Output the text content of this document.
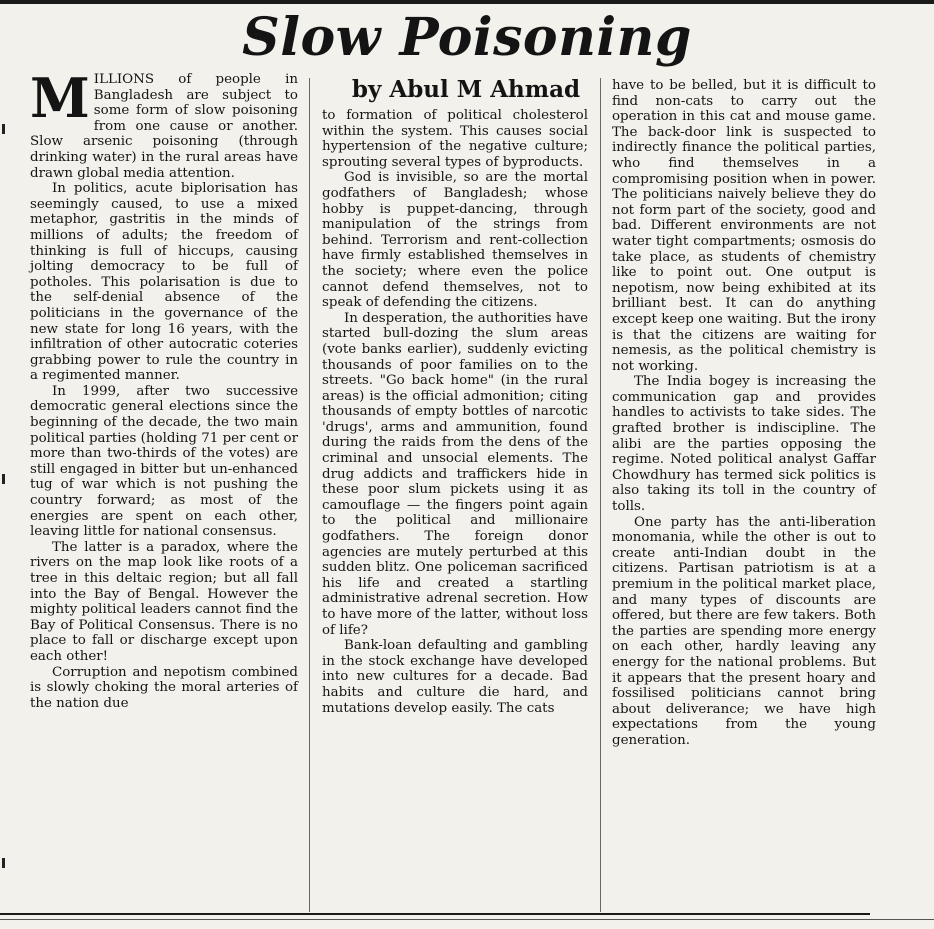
Slow Poisoning
by Abul M Ahmad

MILLIONS of people in Bangladesh are subject to some form of slow poisoning from one cause or another. Slow arsenic poisoning (through drinking water) in the rural areas have drawn global media attention.

In politics, acute biplorisation has seemingly caused, to use a mixed metaphor, gastritis in the minds of millions of adults; the freedom of thinking is full of hiccups, causing jolting democracy to be full of potholes. This polarisation is due to the self-denial absence of the politicians in the governance of the new state for long 16 years, with the infiltration of other autocratic coteries grabbing power to rule the country in a regimented manner.

In 1999, after two successive democratic general elections since the beginning of the decade, the two main political parties (holding 71 per cent or more than two-thirds of the votes) are still engaged in bitter but un-enhanced tug of war which is not pushing the country forward; as most of the energies are spent on each other, leaving little for national consensus.

The latter is a paradox, where the rivers on the map look like roots of a tree in this deltaic region; but all fall into the Bay of Bengal. However the mighty political leaders cannot find the Bay of Political Consensus. There is no place to fall or discharge except upon each other!

Corruption and nepotism combined is slowly choking the moral arteries of the nation due

to formation of political cholesterol within the system. This causes social hypertension of the negative culture; sprouting several types of byproducts.

God is invisible, so are the mortal godfathers of Bangladesh; whose hobby is puppet-dancing, through manipulation of the strings from behind. Terrorism and rent-collection have firmly established themselves in the society; where even the police cannot defend themselves, not to speak of defending the citizens.

In desperation, the authorities have started bull-dozing the slum areas (vote banks earlier), suddenly evicting thousands of poor families on to the streets. "Go back home" (in the rural areas) is the official admonition; citing thousands of empty bottles of narcotic 'drugs', arms and ammunition, found during the raids from the dens of the criminal and unsocial elements. The drug addicts and traffickers hide in these poor slum pickets using it as camouflage — the fingers point again to the political and millionaire godfathers. The foreign donor agencies are mutely perturbed at this sudden blitz. One policeman sacrificed his life and created a startling administrative adrenal secretion. How to have more of the latter, without loss of life?

Bank-loan defaulting and gambling in the stock exchange have developed into new cultures for a decade. Bad habits and culture die hard, and mutations develop easily. The cats

have to be belled, but it is difficult to find non-cats to carry out the operation in this cat and mouse game. The back-door link is suspected to indirectly finance the political parties, who find themselves in a compromising position when in power. The politicians naively believe they do not form part of the society, good and bad. Different environments are not water tight compartments; osmosis do take place, as students of chemistry like to point out. One output is nepotism, now being exhibited at its brilliant best. It can do anything except keep one waiting. But the irony is that the citizens are waiting for nemesis, as the political chemistry is not working.

The India bogey is increasing the communication gap and provides handles to activists to take sides. The grafted brother is indiscipline. The alibi are the parties opposing the regime. Noted political analyst Gaffar Chowdhury has termed sick politics is also taking its toll in the country of tolls.

One party has the anti-liberation monomania, while the other is out to create anti-Indian doubt in the citizens. Partisan patriotism is at a premium in the political market place, and many types of discounts are offered, but there are few takers. Both the parties are spending more energy on each other, hardly leaving any energy for the national problems. But it appears that the present hoary and fossilised politicians cannot bring about deliverance; we have high expectations from the young generation.
